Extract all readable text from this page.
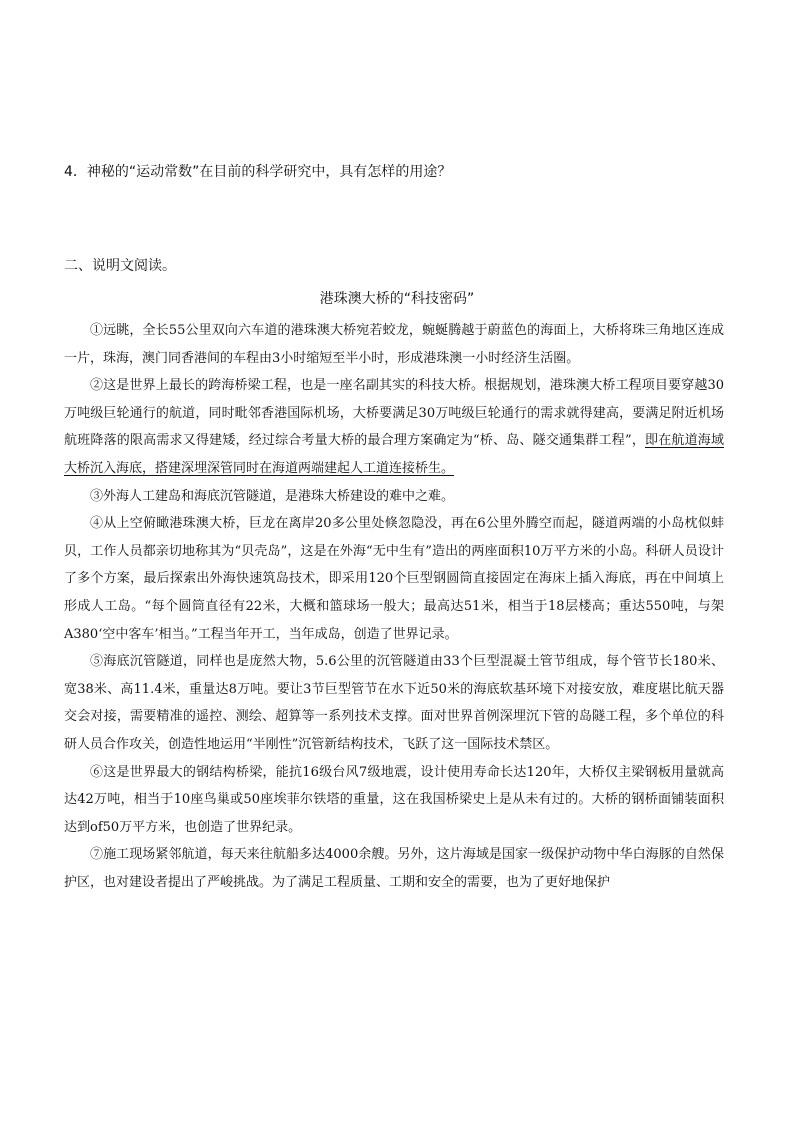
4．神秘的“运动常数”在目前的科学研究中，具有怎样的用途？
二、说明文阅读。
港珠澳大桥的“科技密码”

①远眺，全长55公里双向六车道的港珠澳大桥宛若蛟龙，蜿蜒腾越于蔚蓝色的海面上，大桥将珠三角地区连成一片，珠海，澳门同香港间的车程由3小时缩短至半小时，形成港珠澳一小时经济生活圈。

②这是世界上最长的跨海桥梁工程，也是一座名副其实的科技大桥。根据规划，港珠澳大桥工程项目要穿越30万吨级巨轮通行的航道，同时毗邻香港国际机场，大桥要满足30万吨级巨轮通行的需求就得建高，要满足附近机场航班降落的限高需求又得建矮，经过综合考量大桥的最合理方案确定为“桥、岛、隧交通集群工程”，即在航道海域大桥沉入海底，搭建深埋深管同时在海道两端建起人工道连接桥生。

③外海人工建岛和海底沉管隧道，是港珠大桥建设的难中之难。

④从上空俯瞰港珠澳大桥，巨龙在离岸20多公里处倏忽隐没，再在6公里外腾空而起，隧道两端的小岛枕似蚌贝，工作人员都亲切地称其为“贝壳岛”，这是在外海“无中生有”造出的两座面积10万平方米的小岛。科研人员设计了多个方案，最后探索出外海快速筑岛技术，即采用120个巨型钢圆筒直接固定在海床上插入海底，再在中间填上形成人工岛。“每个圆筒直径有22米，大概和篮球场一般大；最高达51米，相当于18层楼高；重达550吨，与架A380‘空中客车’相当。”工程当年开工，当年成岛，创造了世界记录。

⑤海底沉管隧道，同样也是庞然大物，5.6公里的沉管隧道由33个巨型混凝土管节组成，每个管节长180米、宽38米、高11.4米，重量达8万吨。要让3节巨型管节在水下近50米的海底软基环境下对接安放，难度堪比航天器交会对接，需要精准的遥控、测绘、超算等一系列技术支撑。面对世界首例深埋沉下管的岛隧工程，多个单位的科研人员合作攻关，创造性地运用“半刚性”沉管新结构技术，飞跃了这一国际技术禁区。

⑥这是世界最大的钢结构桥梁，能抗16级台风7级地震，设计使用寿命长达120年，大桥仅主梁钢板用量就高达42万吨，相当于10座鸟巢或50座埃菲尔铁塔的重量，这在我国桥梁史上是从未有过的。大桥的钢桥面铺装面积达到of50万平方米，也创造了世界纪录。

⑦施工现场紧邻航道，每天来往航船多达4000余艘。另外，这片海域是国家一级保护动物中华白海豚的自然保护区，也对建设者提出了严峻挑战。为了满足工程质量、工期和安全的需要，也为了更好地保护
